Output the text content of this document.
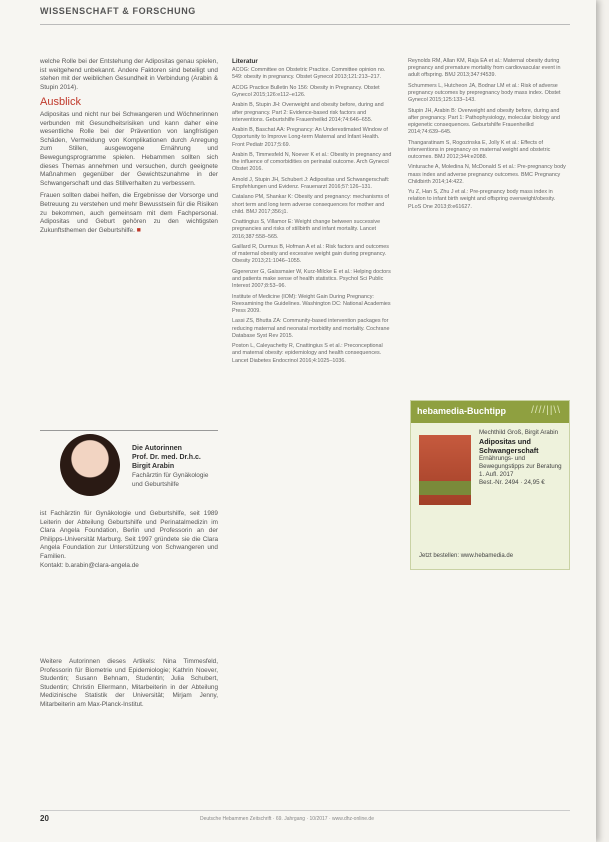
WISSENSCHAFT & FORSCHUNG

welche Rolle bei der Entstehung der Adipositas genau spielen, ist weitgehend unbekannt. Andere Faktoren sind beteiligt und stehen mit der weiblichen Gesundheit in Verbindung (Arabin & Stupin 2014).

Ausblick

Adipositas und nicht nur bei Schwangeren und Wöchnerinnen verbunden mit Gesundheitsrisiken und kann daher eine wesentliche Rolle bei der Prävention von langfristigen Schäden, Vermeidung von Komplikationen durch Anregung zum Stillen, ausgewogene Ernährung und Bewegungsprogramme spielen. Hebammen sollten sich dieses Themas annehmen und versuchen, durch geeignete Maßnahmen gegenüber der Gewichtszunahme in der Schwangerschaft und das Stillverhalten zu verbessern.

Frauen sollten dabei helfen, die Ergebnisse der Vorsorge und Betreuung zu verstehen und mehr Bewusstsein für die Risiken zu bekommen, auch gemeinsam mit dem Fachpersonal. Adipositas und Geburt gehören zu den wichtigsten Zukunftsthemen der Geburtshilfe. ■

Die Autorinnen
Prof. Dr. med. Dr.h.c. Birgit Arabin
Fachärztin für Gynäkologie und Geburtshilfe
ist Fachärztin für Gynäkologie und Geburtshilfe, seit 1989 Leiterin der Abteilung Geburtshilfe und Perinatalmedizin im Clara Angela Foundation, Berlin und Professorin an der Philipps-Universität Marburg. Seit 1997 gründete sie die Clara Angela Foundation zur Unterstützung von Schwangeren und Familien.
Kontakt: b.arabin@clara-angela.de
Weitere Autorinnen dieses Artikels: Nina Timmesfeld, Professorin für Biometrie und Epidemiologie; Kathrin Noever, Studentin; Susann Behnam, Studentin; Julia Schubert, Studentin; Christin Ellermann, Mitarbeiterin in der Abteilung Medizinische Statistik der Universität; Mirjam Jenny, Mitarbeiterin am Max-Planck-Institut.
Literatur

ACOG: Committee on Obstetric Practice. Committee opinion no. 549: obesity in pregnancy. Obstet Gynecol 2013;121:213–217.

ACOG Practice Bulletin No 156: Obesity in Pregnancy. Obstet Gynecol 2015;126:e112–e126.

Arabin B, Stupin JH: Overweight and obesity before, during and after pregnancy. Part 2: Evidence-based risk factors and interventions. Geburtshilfe Frauenheilkd 2014;74:646–655.

Arabin B, Baschat AA: Pregnancy: An Underestimated Window of Opportunity to Improve Long-term Maternal and Infant Health. Front Pediatr 2017;5:69.

Arabin B, Timmesfeld N, Noever K et al.: Obesity in pregnancy and the influence of comorbidities on perinatal outcome. Arch Gynecol Obstet 2016.

Arnold J, Stupin JH, Schubert J: Adipositas und Schwangerschaft: Empfehlungen und Evidenz. Frauenarzt 2016;57:126–131.

Catalano PM, Shankar K: Obesity and pregnancy: mechanisms of short term and long term adverse consequences for mother and child. BMJ 2017;356:j1.

Cnattingius S, Villamor E: Weight change between successive pregnancies and risks of stillbirth and infant mortality. Lancet 2016;387:558–565.

Gaillard R, Durmus B, Hofman A et al.: Risk factors and outcomes of maternal obesity and excessive weight gain during pregnancy. Obesity 2013;21:1046–1055.

Gigerenzer G, Gaissmaier W, Kurz-Milcke E et al.: Helping doctors and patients make sense of health statistics. Psychol Sci Public Interest 2007;8:53–96.

Institute of Medicine (IOM): Weight Gain During Pregnancy: Reexamining the Guidelines. Washington DC: National Academies Press 2009.

Lassi ZS, Bhutta ZA: Community-based intervention packages for reducing maternal and neonatal morbidity and mortality. Cochrane Database Syst Rev 2015.

Poston L, Caleyachetty R, Cnattingius S et al.: Preconceptional and maternal obesity: epidemiology and health consequences. Lancet Diabetes Endocrinol 2016;4:1025–1036.

Reynolds RM, Allan KM, Raja EA et al.: Maternal obesity during pregnancy and premature mortality from cardiovascular event in adult offspring. BMJ 2013;347:f4539.

Schummers L, Hutcheon JA, Bodnar LM et al.: Risk of adverse pregnancy outcomes by prepregnancy body mass index. Obstet Gynecol 2015;125:133–143.

Stupin JH, Arabin B: Overweight and obesity before, during and after pregnancy. Part 1: Pathophysiology, molecular biology and epigenetic consequences. Geburtshilfe Frauenheilkd 2014;74:639–645.

Thangaratinam S, Rogozinska E, Jolly K et al.: Effects of interventions in pregnancy on maternal weight and obstetric outcomes. BMJ 2012;344:e2088.

Vinturache A, Moledina N, McDonald S et al.: Pre-pregnancy body mass index and adverse pregnancy outcomes. BMC Pregnancy Childbirth 2014;14:422.

Yu Z, Han S, Zhu J et al.: Pre-pregnancy body mass index in relation to infant birth weight and offspring overweight/obesity. PLoS One 2013;8:e61627.

hebamedia-Buchtipp	////||\\
Mechthild Groß, Birgit Arabin
Adipositas und Schwangerschaft
Ernährungs- und Bewegungstipps zur Beratung
1. Aufl. 2017
Best.-Nr. 2494 · 24,95 €
Jetzt bestellen: www.hebamedia.de
20	Deutsche Hebammen Zeitschrift · 69. Jahrgang · 10/2017 · www.dhz-online.de
